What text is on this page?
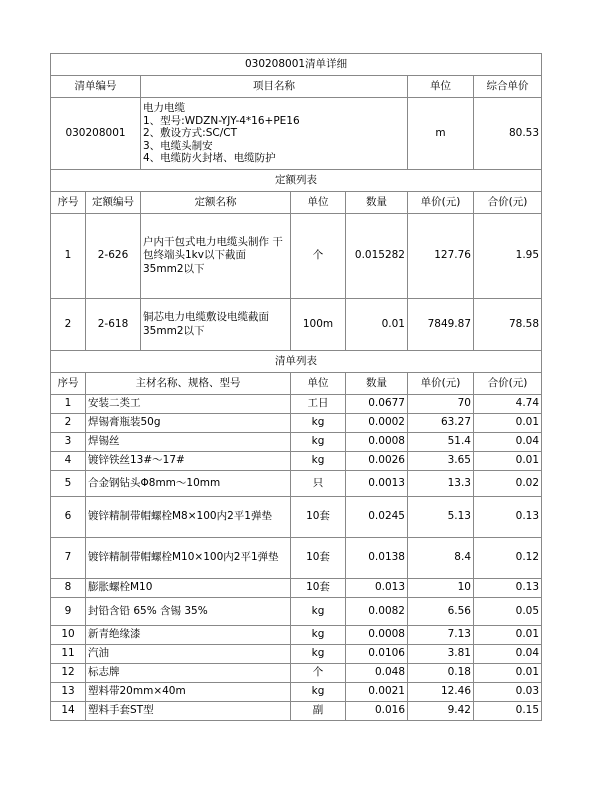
030208001清单详细						
清单编号		项目名称			单位	综合单价
030208001		电力电缆
1、型号:WDZN-YJY-4*16+PE16
2、敷设方式:SC/CT
3、电缆头制安
4、电缆防火封堵、电缆防护			m	80.53
定额列表						
序号	定额编号	定额名称	单位	数量	单价(元)	合价(元)
1	2-626	户内干包式电力电缆头制作 干包终端头1kv以下截面 35mm2以下	个	0.015282	127.76	1.95
2	2-618	铜芯电力电缆敷设电缆截面 35mm2以下	100m	0.01	7849.87	78.58
清单列表						
序号	主材名称、规格、型号		单位	数量	单价(元)	合价(元)
1	安装二类工		工日	0.0677	70	4.74
2	焊锡膏瓶装50g		kg	0.0002	63.27	0.01
3	焊锡丝		kg	0.0008	51.4	0.04
4	镀锌铁丝13#～17#		kg	0.0026	3.65	0.01
5	合金钢钻头Φ8mm～10mm		只	0.0013	13.3	0.02
6	镀锌精制带帽螺栓M8×100内2平1弹垫		10套	0.0245	5.13	0.13
7	镀锌精制带帽螺栓M10×100内2平1弹垫		10套	0.0138	8.4	0.12
8	膨胀螺栓M10		10套	0.013	10	0.13
9	封铅含铅 65% 含锡 35%		kg	0.0082	6.56	0.05
10	新青绝缘漆		kg	0.0008	7.13	0.01
11	汽油		kg	0.0106	3.81	0.04
12	标志牌		个	0.048	0.18	0.01
13	塑料带20mm×40m		kg	0.0021	12.46	0.03
14	塑料手套ST型		副	0.016	9.42	0.15
